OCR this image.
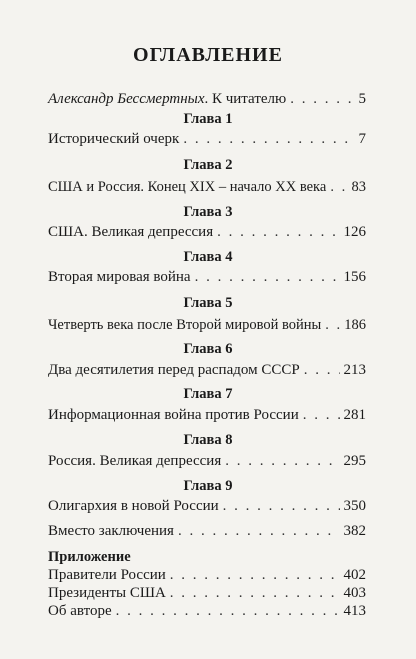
ОГЛАВЛЕНИЕ
Александр Бессмертных. К читателю . . .	5
Глава 1
Исторический очерк . . .	7
Глава 2
США и Россия. Конец XIX – начало XX века . . . 83
Глава 3
США. Великая депрессия . . .	126
Глава 4
Вторая мировая война . . .	156
Глава 5
Четверть века после Второй мировой войны . . . 186
Глава 6
Два десятилетия перед распадом СССР . . .	213
Глава 7
Информационная война против России . . .	281
Глава 8
Россия. Великая депрессия . . .	295
Глава 9
Олигархия в новой России . . .	350
Вместо заключения . . .	382
Приложение
Правители России . . .	402
Президенты США . . .	403
Об авторе . . .	413
